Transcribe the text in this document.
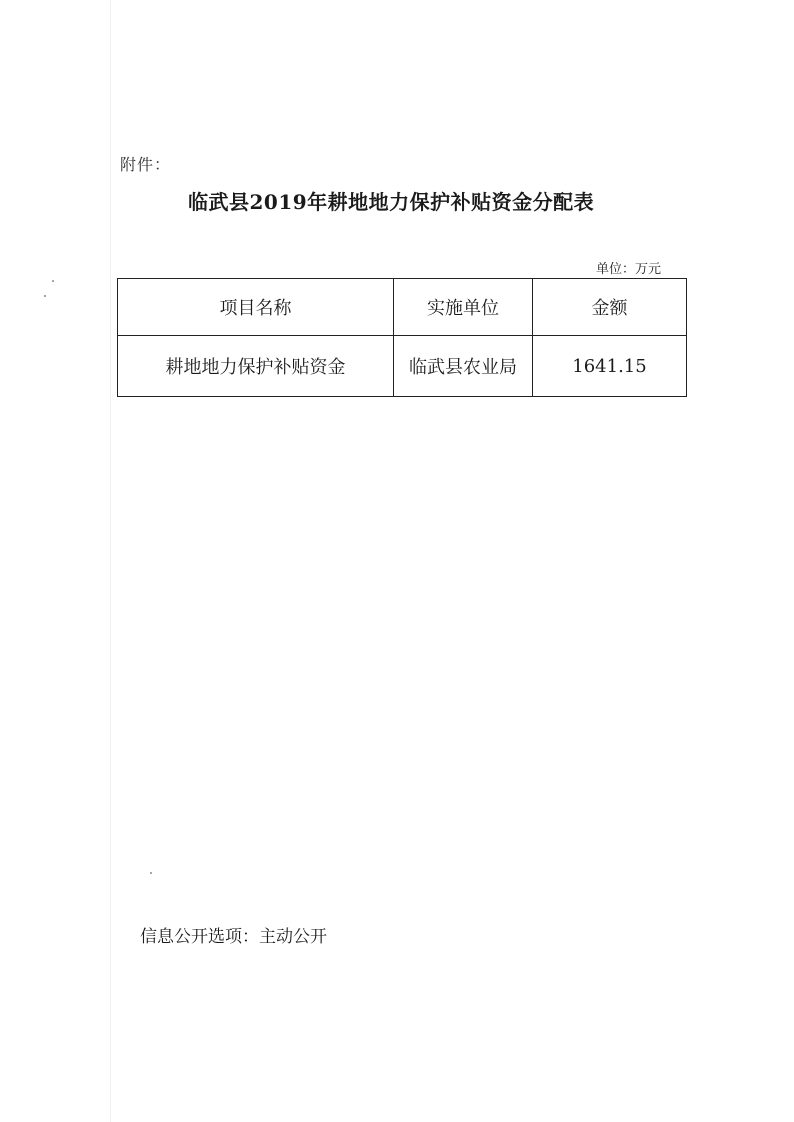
附件：
临武县2019年耕地地力保护补贴资金分配表
单位：万元
项目名称	实施单位	金额
耕地地力保护补贴资金	临武县农业局	1641.15
信息公开选项：主动公开
